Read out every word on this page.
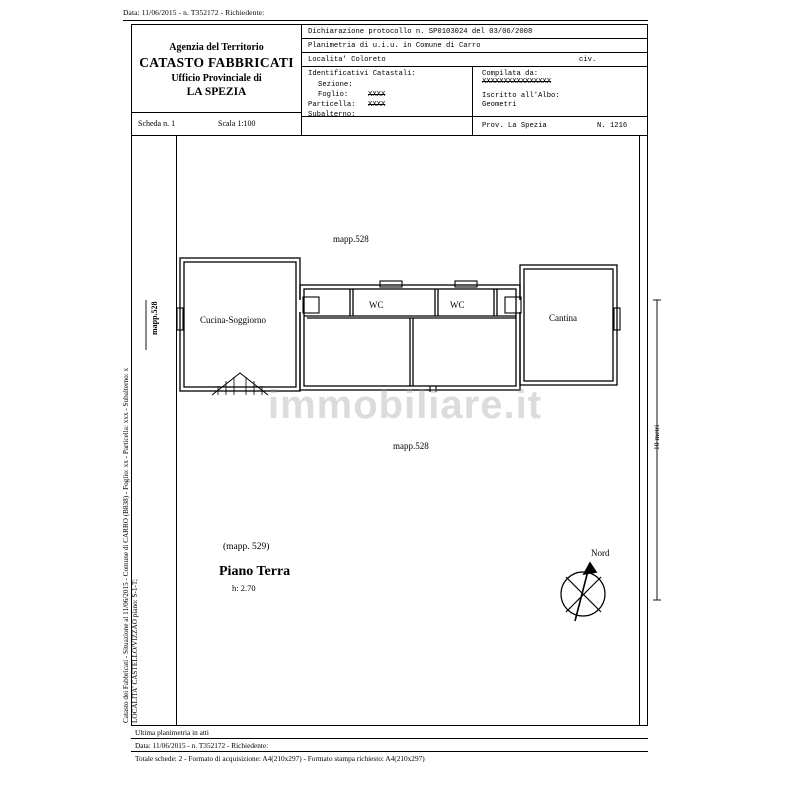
Data: 11/06/2015 - n. T352172 - Richiedente:
Agenzia del Territorio
CATASTO FABBRICATI
Ufficio Provinciale di
LA SPEZIA
Scheda n. 1	Scala 1:100
Dichiarazione protocollo n. SP0103024 del 03/06/2008
Planimetria di u.i.u. in Comune di Carro
Localita' Coloreto	civ.
Identificativi Catastali:
Sezione:
Foglio:	XXXX
Particella: XXXX
Subalterno:
Compilata da:
XXXXXXXXXXXXXXXX
Iscritto all'Albo:
Geometri
Prov. La Spezia	N. 1216
immobiliare.it
mapp.528
mapp.528
Cucina-Soggiorno
WC	WC
Cantina
(mapp. 529)
Piano Terra
h: 2.70
Nord
mapp.528
10 metri
Catasto dei Fabbricati - Situazione al 11/06/2015 - Comune di CARRO (B838) - Foglio: xx - Particella: xxx - Subalterno: x LOCALITA' CASTELLO/VIZZAO piano: S-1-T;
Ultima planimetria in atti
Data: 11/06/2015 - n. T352172 - Richiedente:
Totale schede: 2 - Formato di acquisizione: A4(210x297) - Formato stampa richiesto: A4(210x297)
